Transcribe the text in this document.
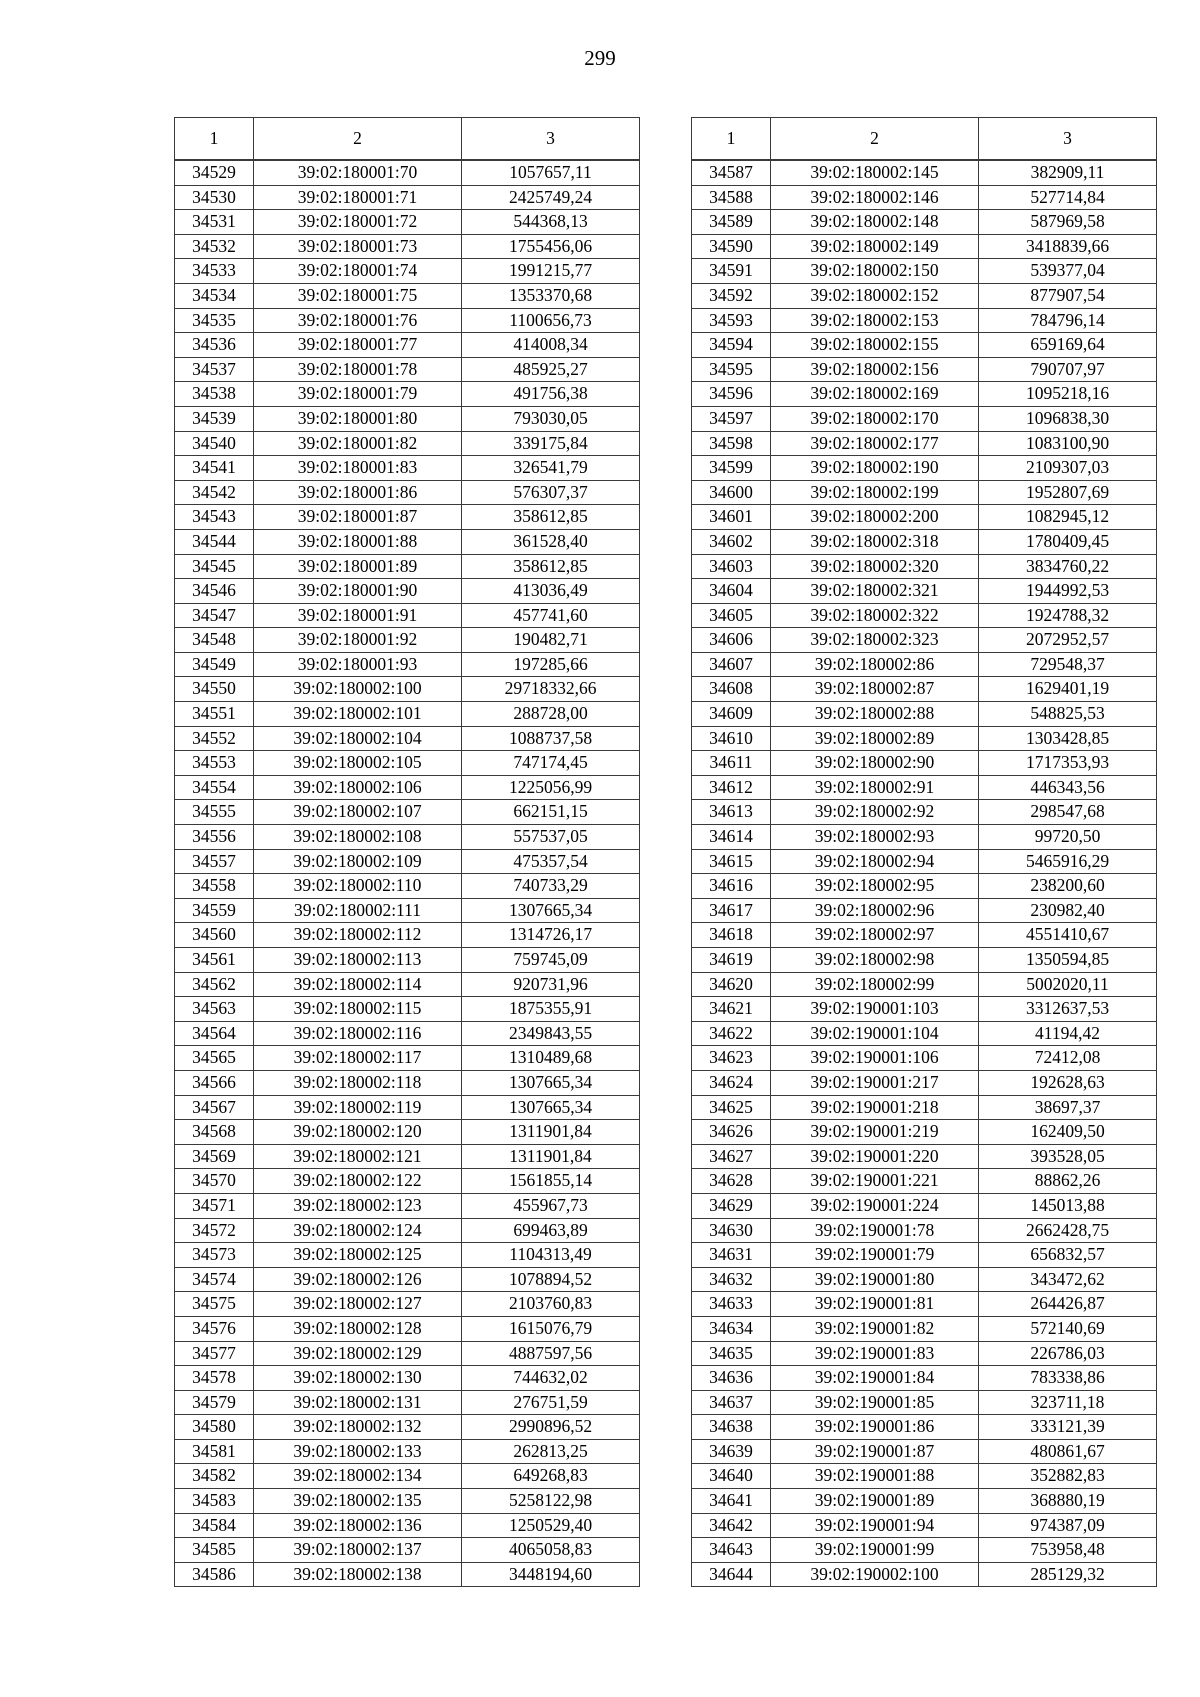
299
1	2	3
34529	39:02:180001:70	1057657,11
34530	39:02:180001:71	2425749,24
34531	39:02:180001:72	544368,13
34532	39:02:180001:73	1755456,06
34533	39:02:180001:74	1991215,77
34534	39:02:180001:75	1353370,68
34535	39:02:180001:76	1100656,73
34536	39:02:180001:77	414008,34
34537	39:02:180001:78	485925,27
34538	39:02:180001:79	491756,38
34539	39:02:180001:80	793030,05
34540	39:02:180001:82	339175,84
34541	39:02:180001:83	326541,79
34542	39:02:180001:86	576307,37
34543	39:02:180001:87	358612,85
34544	39:02:180001:88	361528,40
34545	39:02:180001:89	358612,85
34546	39:02:180001:90	413036,49
34547	39:02:180001:91	457741,60
34548	39:02:180001:92	190482,71
34549	39:02:180001:93	197285,66
34550	39:02:180002:100	29718332,66
34551	39:02:180002:101	288728,00
34552	39:02:180002:104	1088737,58
34553	39:02:180002:105	747174,45
34554	39:02:180002:106	1225056,99
34555	39:02:180002:107	662151,15
34556	39:02:180002:108	557537,05
34557	39:02:180002:109	475357,54
34558	39:02:180002:110	740733,29
34559	39:02:180002:111	1307665,34
34560	39:02:180002:112	1314726,17
34561	39:02:180002:113	759745,09
34562	39:02:180002:114	920731,96
34563	39:02:180002:115	1875355,91
34564	39:02:180002:116	2349843,55
34565	39:02:180002:117	1310489,68
34566	39:02:180002:118	1307665,34
34567	39:02:180002:119	1307665,34
34568	39:02:180002:120	1311901,84
34569	39:02:180002:121	1311901,84
34570	39:02:180002:122	1561855,14
34571	39:02:180002:123	455967,73
34572	39:02:180002:124	699463,89
34573	39:02:180002:125	1104313,49
34574	39:02:180002:126	1078894,52
34575	39:02:180002:127	2103760,83
34576	39:02:180002:128	1615076,79
34577	39:02:180002:129	4887597,56
34578	39:02:180002:130	744632,02
34579	39:02:180002:131	276751,59
34580	39:02:180002:132	2990896,52
34581	39:02:180002:133	262813,25
34582	39:02:180002:134	649268,83
34583	39:02:180002:135	5258122,98
34584	39:02:180002:136	1250529,40
34585	39:02:180002:137	4065058,83
34586	39:02:180002:138	3448194,60
1	2	3
34587	39:02:180002:145	382909,11
34588	39:02:180002:146	527714,84
34589	39:02:180002:148	587969,58
34590	39:02:180002:149	3418839,66
34591	39:02:180002:150	539377,04
34592	39:02:180002:152	877907,54
34593	39:02:180002:153	784796,14
34594	39:02:180002:155	659169,64
34595	39:02:180002:156	790707,97
34596	39:02:180002:169	1095218,16
34597	39:02:180002:170	1096838,30
34598	39:02:180002:177	1083100,90
34599	39:02:180002:190	2109307,03
34600	39:02:180002:199	1952807,69
34601	39:02:180002:200	1082945,12
34602	39:02:180002:318	1780409,45
34603	39:02:180002:320	3834760,22
34604	39:02:180002:321	1944992,53
34605	39:02:180002:322	1924788,32
34606	39:02:180002:323	2072952,57
34607	39:02:180002:86	729548,37
34608	39:02:180002:87	1629401,19
34609	39:02:180002:88	548825,53
34610	39:02:180002:89	1303428,85
34611	39:02:180002:90	1717353,93
34612	39:02:180002:91	446343,56
34613	39:02:180002:92	298547,68
34614	39:02:180002:93	99720,50
34615	39:02:180002:94	5465916,29
34616	39:02:180002:95	238200,60
34617	39:02:180002:96	230982,40
34618	39:02:180002:97	4551410,67
34619	39:02:180002:98	1350594,85
34620	39:02:180002:99	5002020,11
34621	39:02:190001:103	3312637,53
34622	39:02:190001:104	41194,42
34623	39:02:190001:106	72412,08
34624	39:02:190001:217	192628,63
34625	39:02:190001:218	38697,37
34626	39:02:190001:219	162409,50
34627	39:02:190001:220	393528,05
34628	39:02:190001:221	88862,26
34629	39:02:190001:224	145013,88
34630	39:02:190001:78	2662428,75
34631	39:02:190001:79	656832,57
34632	39:02:190001:80	343472,62
34633	39:02:190001:81	264426,87
34634	39:02:190001:82	572140,69
34635	39:02:190001:83	226786,03
34636	39:02:190001:84	783338,86
34637	39:02:190001:85	323711,18
34638	39:02:190001:86	333121,39
34639	39:02:190001:87	480861,67
34640	39:02:190001:88	352882,83
34641	39:02:190001:89	368880,19
34642	39:02:190001:94	974387,09
34643	39:02:190001:99	753958,48
34644	39:02:190002:100	285129,32
